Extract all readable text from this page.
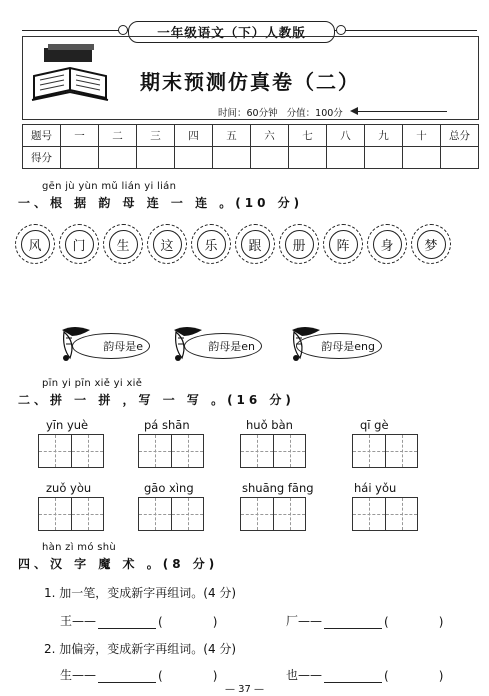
一年级语文（下）人教版
期末预测仿真卷（二）
时间：60分钟 分值：100分
题号	一	二	三	四	五	六	七	八	九	十	总分
得分											
gēn jù yùn mǔ lián yi lián
一、根 据 韵 母 连 一 连 。(10 分)
风	门	生	这	乐	跟	册	阵	身	梦
韵母是e	韵母是en	韵母是eng
pīn yi pīn xiě yi xiě
二、拼 一 拼 ，写 一 写 。(16 分)
yīn yuè	pá shān	huǒ bàn	qī gè
zuǒ yòu	gāo xìng	shuāng fāng	hái yǒu
hàn zì mó shù
四、汉 字 魔 术 。(8 分)
1. 加一笔，变成新字再组词。(4 分)
王——	(	)	厂——	(	)
2. 加偏旁，变成新字再组词。(4 分)
生——	(	)	也——	(	)
— 37 —
